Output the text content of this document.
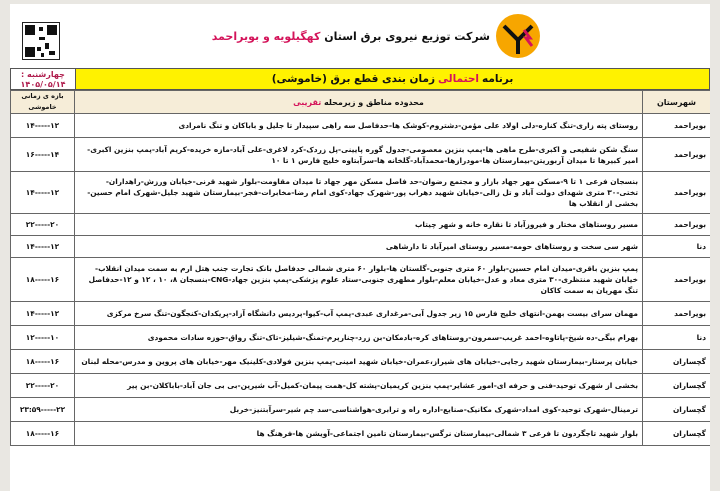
شرکت توزیع نیروی برق استان کهگیلویه و بویراحمد
برنامه
احتمالی
زمان بندی قطع برق (خاموشی)
چهارشنبه :
۱۴۰۵/۰۵/۱۴
شهرستان	محدوده مناطق و زیرمحله تقریبی	بازه ی زمانی خاموشی
بویراحمد	روستای پته زاری-تنگ کناره-دلی اولاد علی مؤمن-دشتروم-کوشک ها-حدفاصل سه راهی سپیدار تا جلیل و باباکان و تنگ نامرادی	۱۴-----۱۲
بویراحمد	سنگ شکن شفیعی و اکبری-طرح ماهی ها-پمپ بنزین معصومی-جدول گوره پایینی-پل زردک-کرد لاغری-علی آباد-مازه خریده-کریم آباد-پمپ بنزین اکبری-امیر کبیرها تا میدان آربوریتن-بیمارستان ها-مودرازها-محمدآباد-گلخانه ها-سرآبتاوه خلیج فارس ۱ تا ۱۰	۱۶-----۱۴
بویراحمد	بنسجان فرعی ۱ تا ۹-مسکن مهر جهاد بازار و مجتمع رضوان-حد فاصل مسکن مهر جهاد تا میدان مقاومت-بلوار شهید قرنی-خیابان ورزش-راهداران-تختی-۳۰ متری شهدای دولت آباد و تل زالی-خیابان شهید دهراب پور-شهرک جهاد-کوی امام رضا-مخابرات-فجر-بیمارستان شهید جلیل-شهرک امام حسین-بخشی از انقلاب ها	۱۴-----۱۲
بویراحمد	مسیر روستاهای مختار و فیروزآباد تا نقاره خانه و شهر چیتاب	۲۲-----۲۰
دنا	شهر سی سخت و روستاهای حومه-مسیر روستای امیرآباد تا دارشاهی	۱۴-----۱۲
بویراحمد	پمپ بنزین باقری-میدان امام حسین-بلوار ۶۰ متری جنوبی-گلستان ها-بلوار ۶۰ متری شمالی حدفاصل بانک تجارت جنب هتل ارم به سمت میدان انقلاب-خیابان شهید منتظری-۳۰ متری معاد و عدل-خیابان معلم-بلوار مطهری جنوبی-ستاد علوم پزشکی-پمپ بنزین جهاد-CNG-بنسجان ۸، ۱۰ ، ۱۲ و ۱۲-حدفاصل تنگ مهریان به سمت کاکان	۱۸-----۱۶
بویراحمد	مهمان سرای بیست بهمن-انتهای خلیج فارس ۱۵ زیر جدول آبی-مرغداری عبدی-پمپ آب-کیوا-پردیس دانشگاه آزاد-پریکدان-کنجگون-تنگ سرخ مرکزی	۱۴-----۱۲
دنا	بهرام بیگی-ده شیخ-پاتاوه-احمد غریب-سمرون-روستاهای کره-بادمکان-بن زرد-چنارپرم-تمنگ-شیلیز-تاک-تنگ رواق-حوزه سادات محمودی	۱۲-----۱۰
گچساران	خیابان پرستار-بیمارستان شهید رجایی-خیابان های شیراز،عمران-خیابان شهید امینی-پمپ بنزین فولادی-کلینیک مهر-خیابان های پروین و مدرس-محله لبنان	۱۸-----۱۶
گچساران	بخشی از شهرک توحید-فنی و حرفه ای-امور عشایر-پمپ بنزین کریمیان-پشته کل-همت پیمان-کمیل-آب شیرین-بی بی جان آباد-باباکلان-بن پیر	۲۲-----۲۰
گچساران	ترمینال-شهرک توحید-کوی امداد-شهرک مکانیک-صنایع-اداره راه و ترابری-هواشناسی-سد چم شیر-سرآبتنیز-خربل	۲۳:۵۹-----۲۲
گچساران	بلوار شهید تاجگردون تا فرعی ۳ شمالی-بیمارستان نرگس-بیمارستان تامین اجتماعی-آویشن ها-فرهنگ ها	۱۸-----۱۶
